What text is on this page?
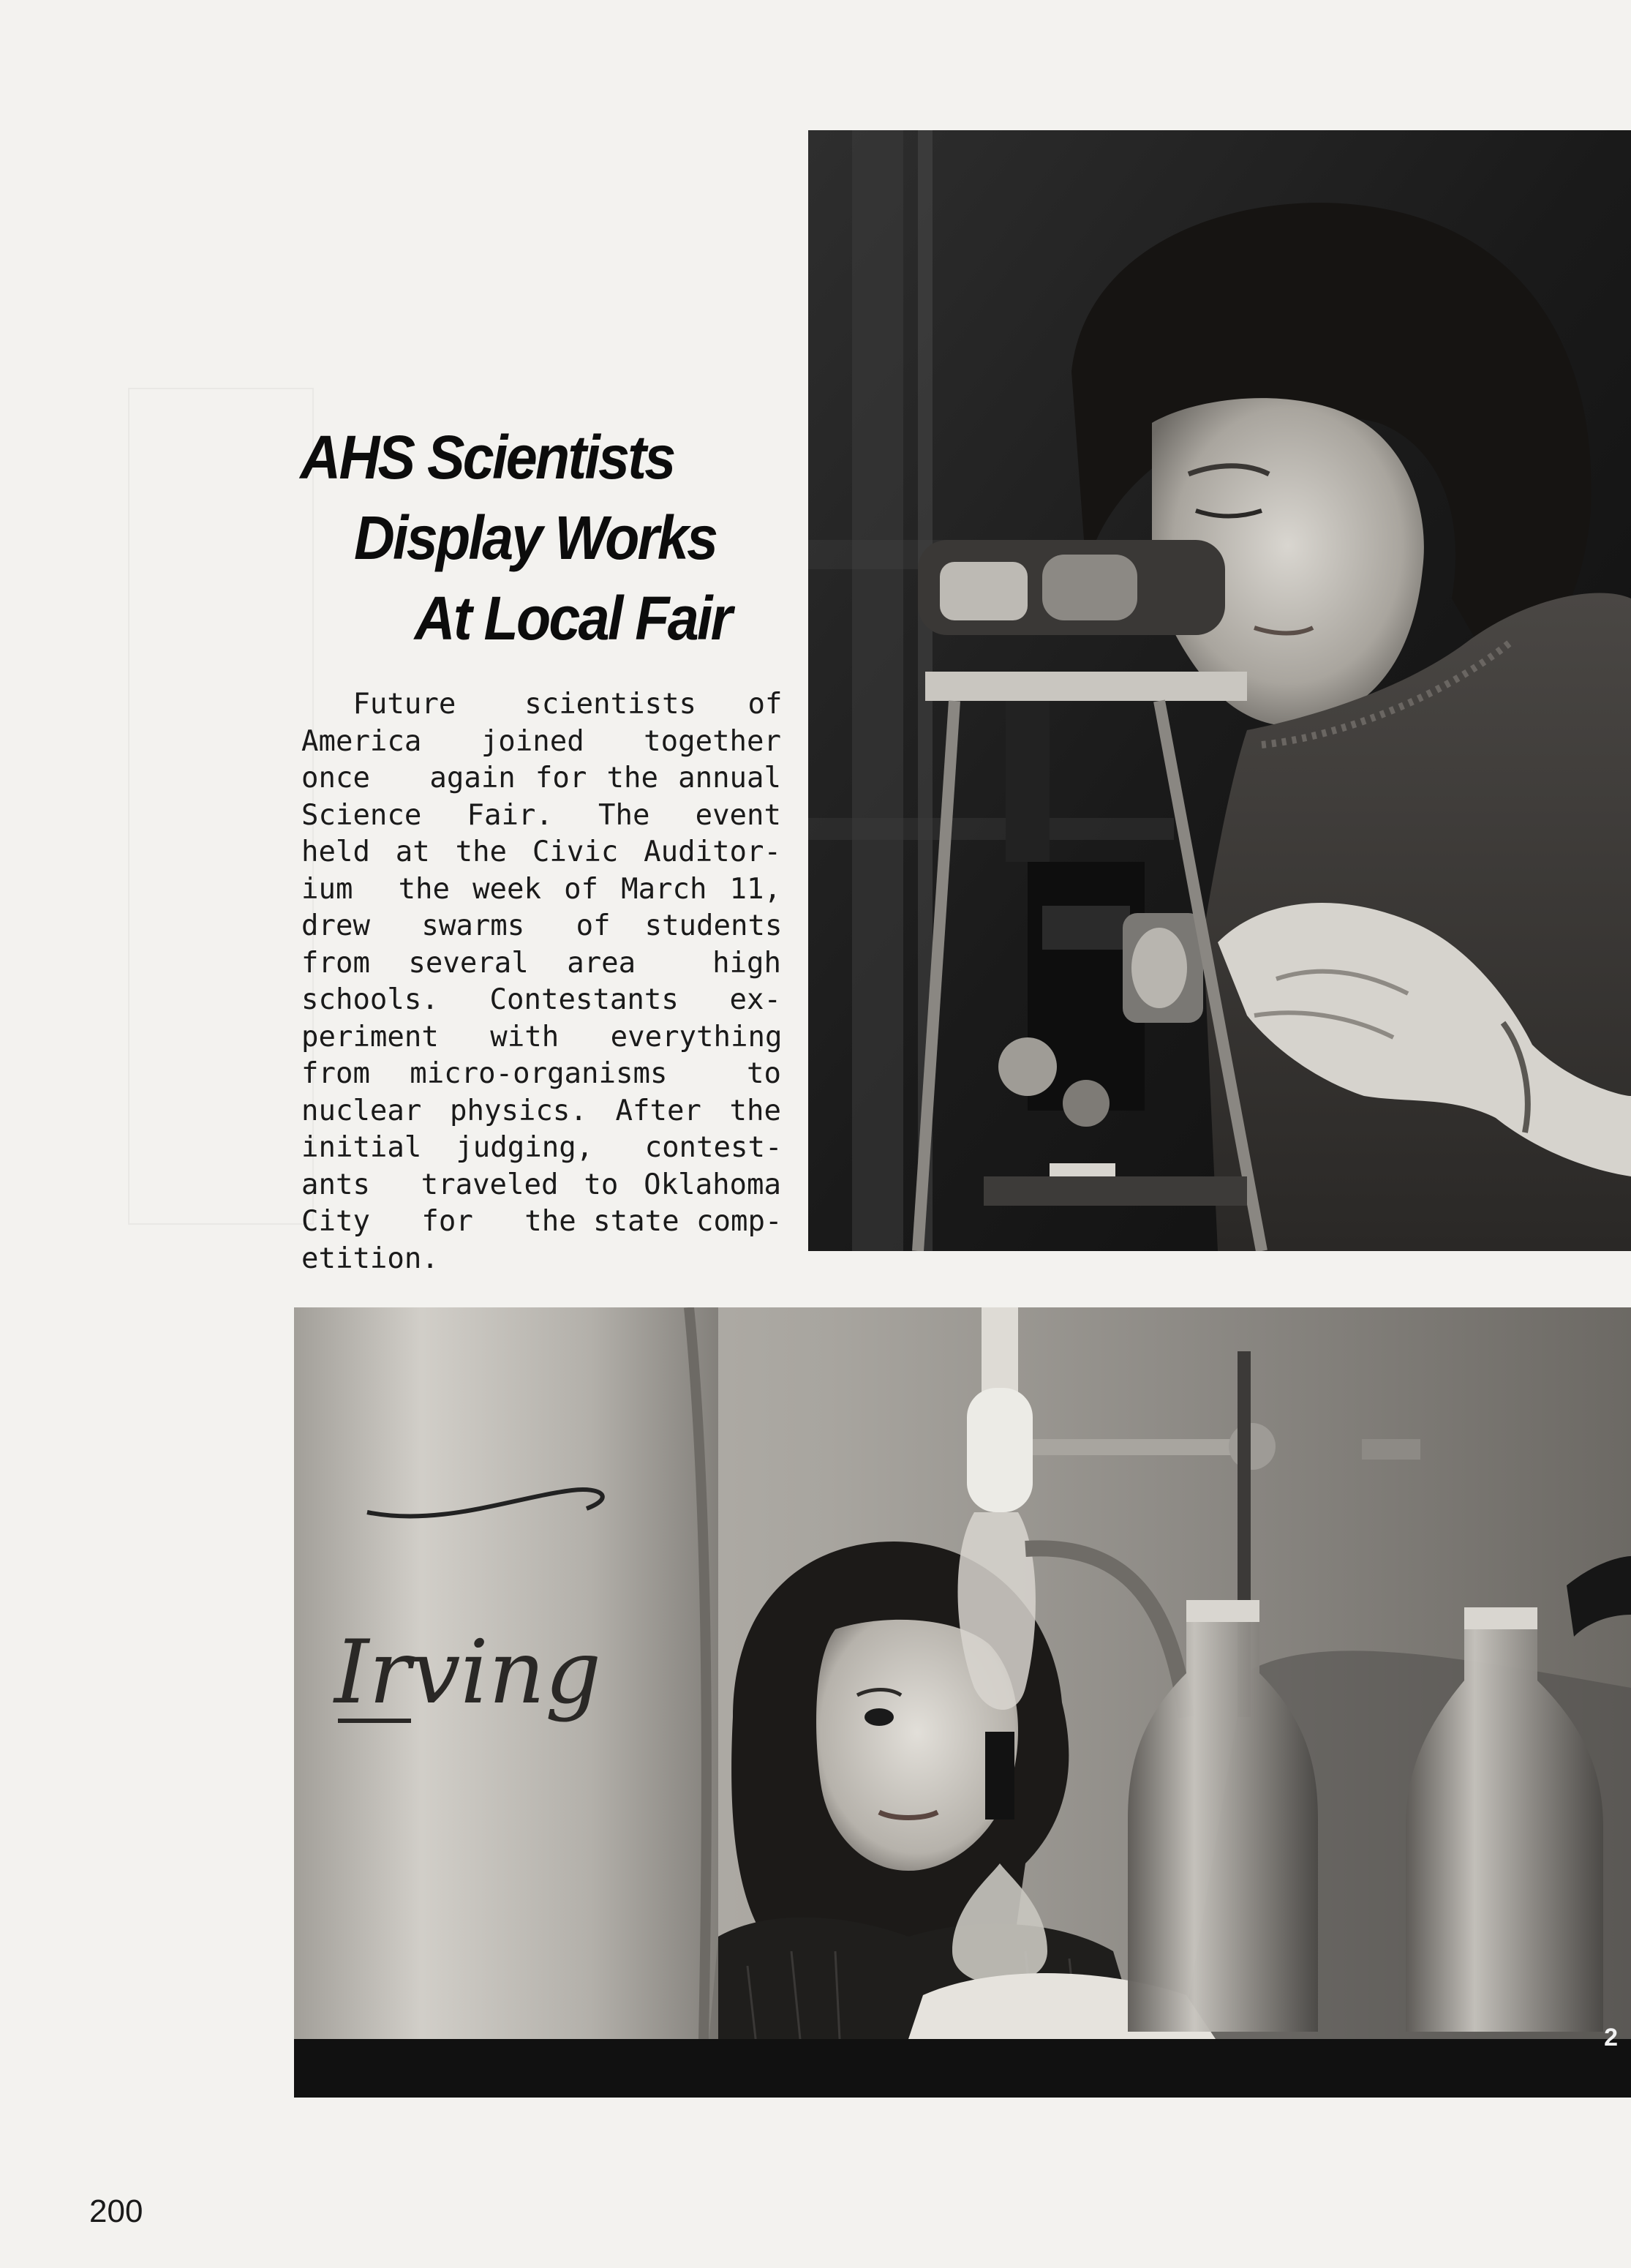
AHS Scientists
Display Works
At Local Fair
Future    scientists   of
America   joined   together
once   again for the annual
Science  Fair.  The  event
held at the Civic Auditor-
ium  the week of March 11,
drew   swarms   of  students
from  several  area    high
schools.  Contestants  ex-
periment   with   everything
from  micro-organisms    to
nuclear physics. After the
initial  judging,   contest-
ants  traveled to Oklahoma
City   for   the state comp-
etition.
Irving
2
200
